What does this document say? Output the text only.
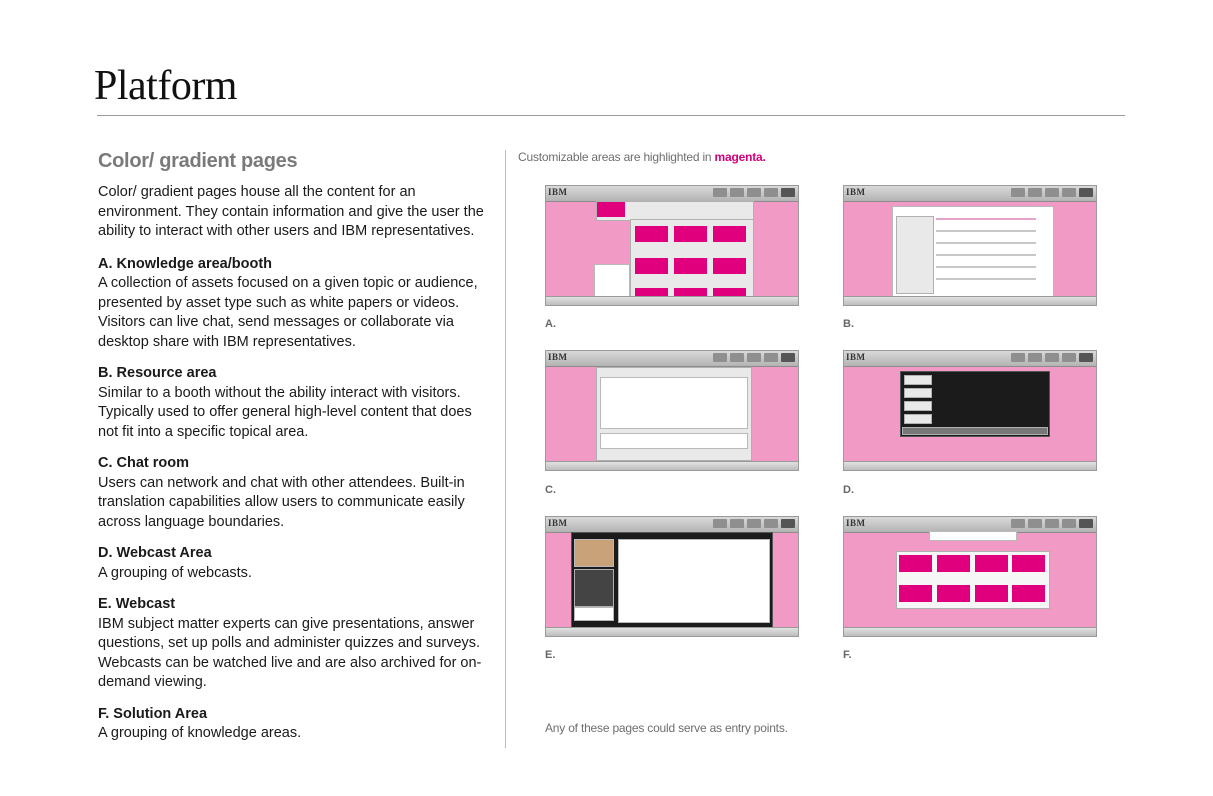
Platform
Color/ gradient pages

Color/ gradient pages house all the content for an environment. They contain information and give the user the ability to interact with other users and IBM representatives.

A. Knowledge area/booth

A collection of assets focused on a given topic or audience, presented by asset type such as white papers or videos. Visitors can live chat, send messages or collaborate via desktop share with IBM representatives.

B. Resource area

Similar to a booth without the ability interact with visitors. Typically used to offer general high-level content that does not fit into a specific topical area.

C. Chat room

Users can network and chat with other attendees. Built-in translation capabilities allow users to communicate easily across language boundaries.

D. Webcast Area

A grouping of webcasts.

E. Webcast

IBM subject matter experts can give presentations, answer questions, set up polls and administer quizzes and surveys. Webcasts can be watched live and are also archived for on-demand viewing.

F. Solution Area

A grouping of knowledge areas.

Customizable areas are highlighted in magenta.
IBM
A.
IBM
B.
IBM
C.
IBM
D.
IBM
E.
IBM
F.
Any of these pages could serve as entry points.
